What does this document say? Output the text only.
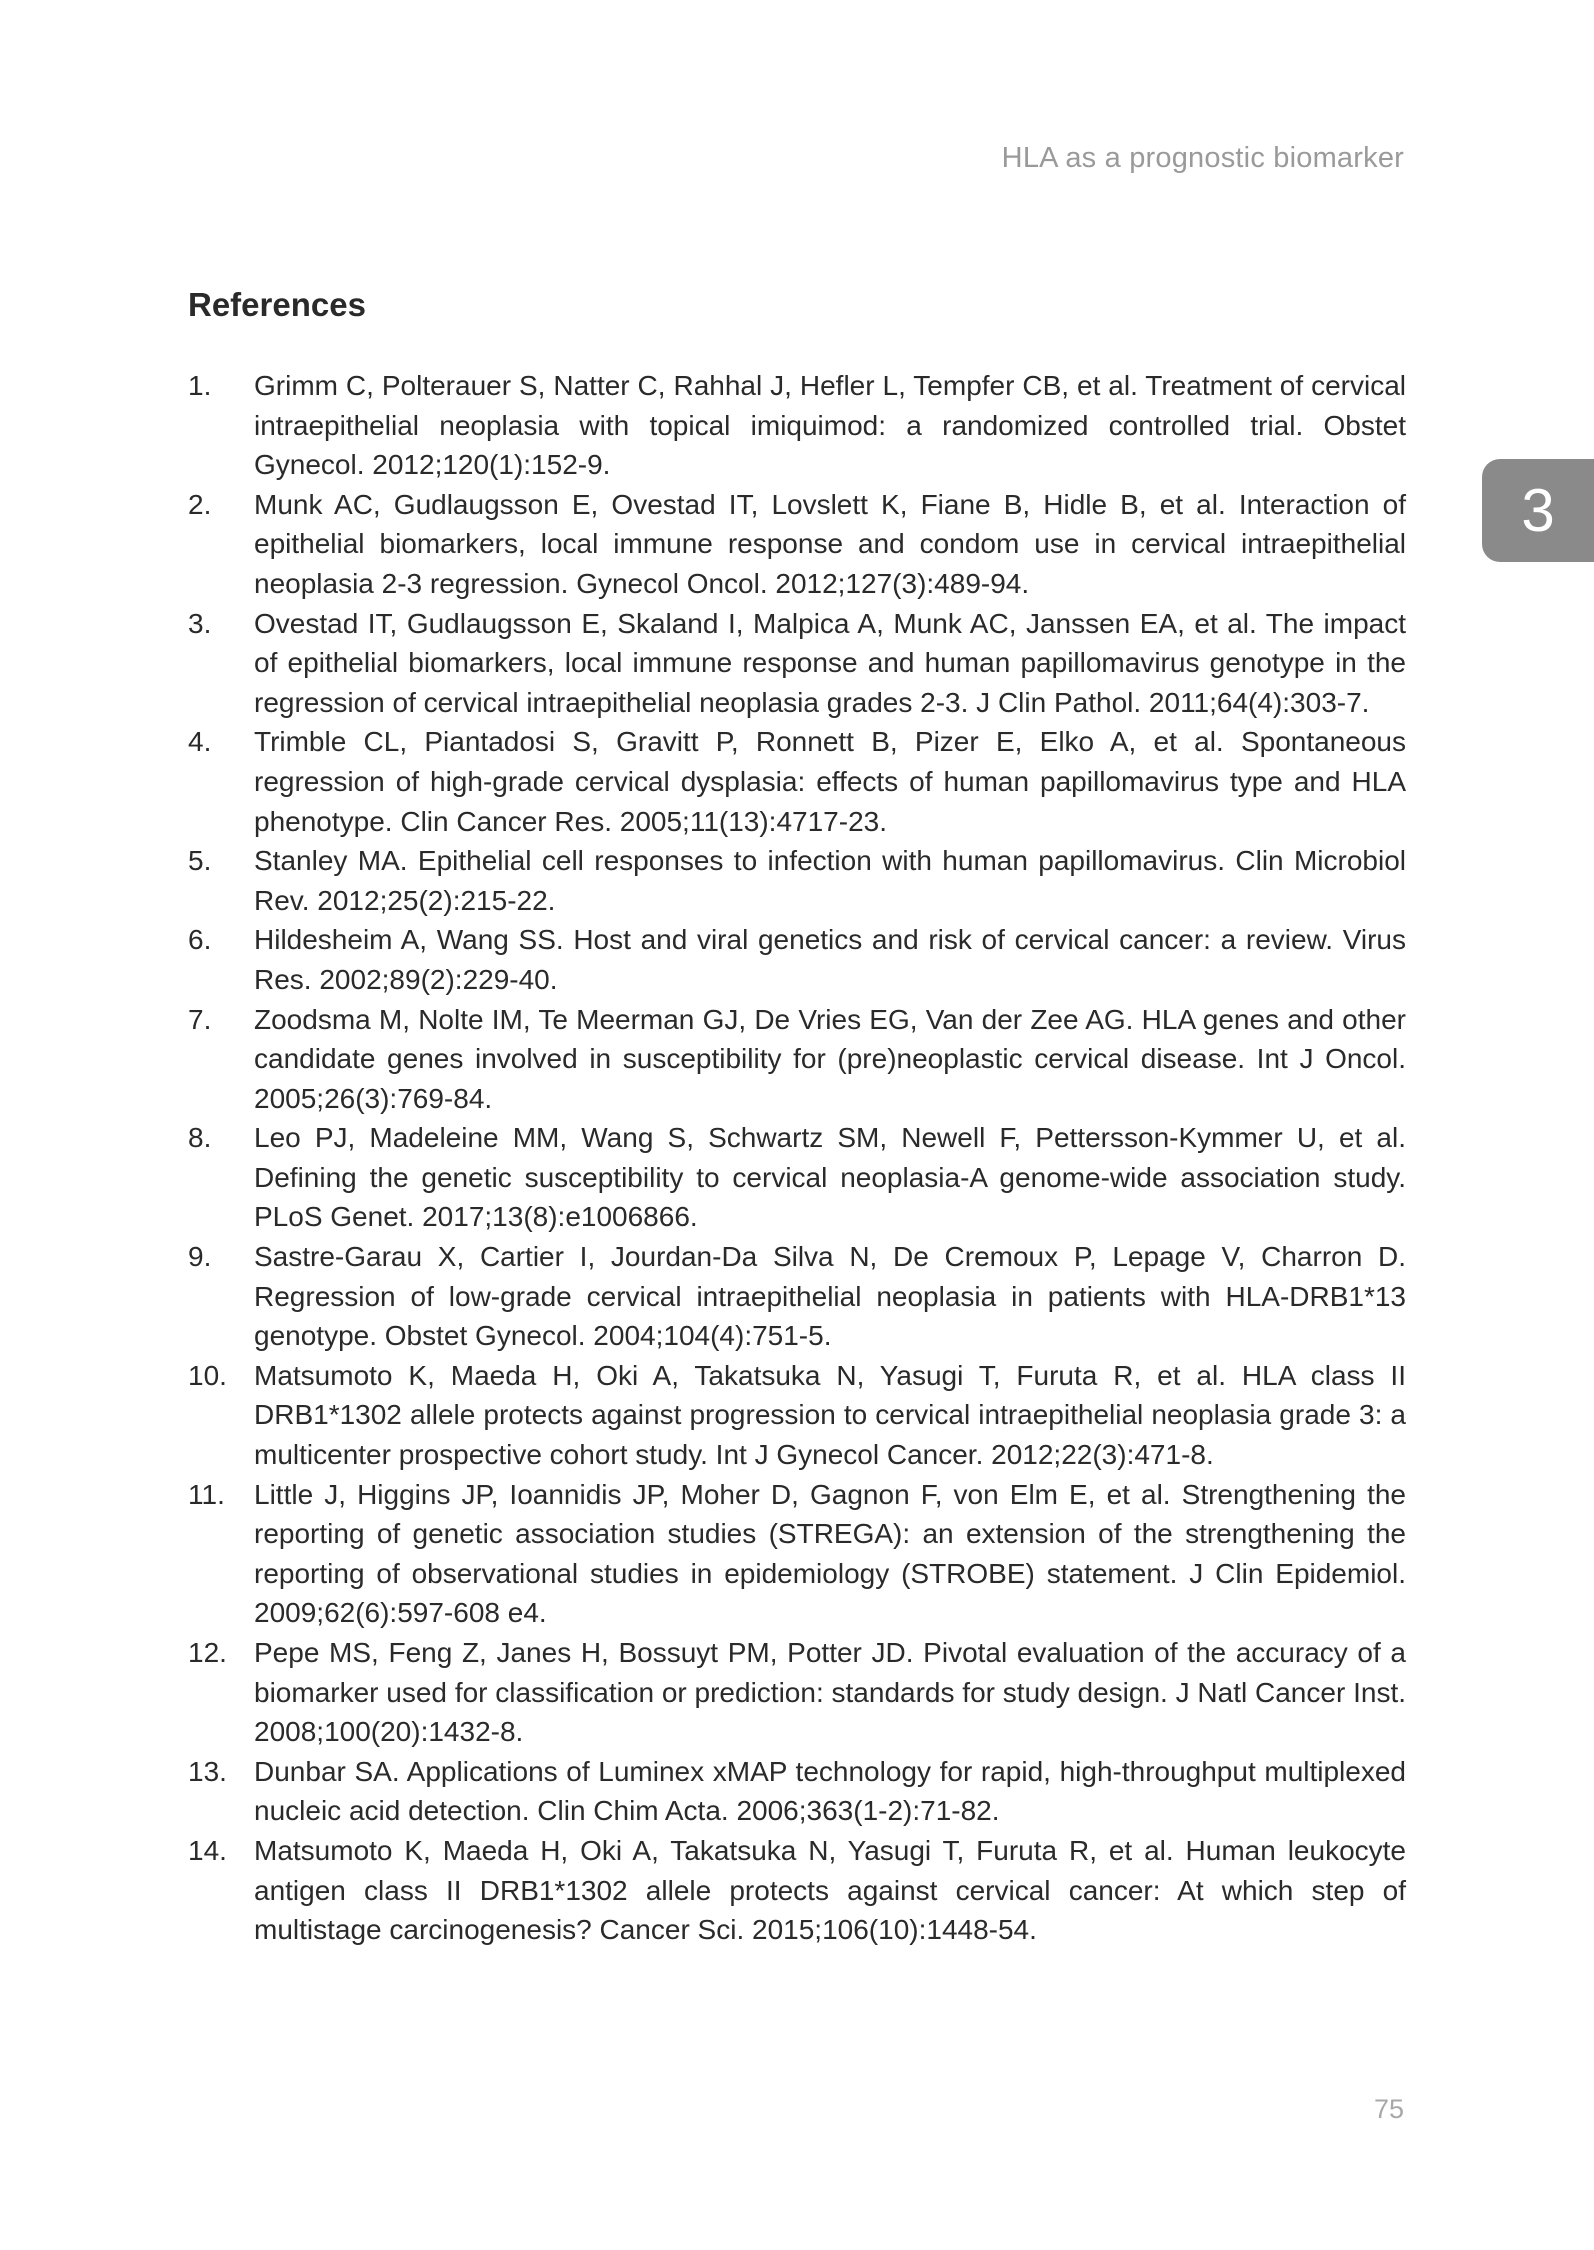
HLA as a prognostic biomarker
3
References
1.	Grimm C, Polterauer S, Natter C, Rahhal J, Hefler L, Tempfer CB, et al. Treatment of cervical intraepithelial neoplasia with topical imiquimod: a randomized controlled trial. Obstet Gynecol. 2012;120(1):152-9.
2.	Munk AC, Gudlaugsson E, Ovestad IT, Lovslett K, Fiane B, Hidle B, et al. Interaction of epithelial biomarkers, local immune response and condom use in cervical intraepithelial neoplasia 2-3 regression. Gynecol Oncol. 2012;127(3):489-94.
3.	Ovestad IT, Gudlaugsson E, Skaland I, Malpica A, Munk AC, Janssen EA, et al. The impact of epithelial biomarkers, local immune response and human papillomavirus genotype in the regression of cervical intraepithelial neoplasia grades 2-3. J Clin Pathol. 2011;64(4):303-7.
4.	Trimble CL, Piantadosi S, Gravitt P, Ronnett B, Pizer E, Elko A, et al. Spontaneous regression of high-grade cervical dysplasia: effects of human papillomavirus type and HLA phenotype. Clin Cancer Res. 2005;11(13):4717-23.
5.	Stanley MA. Epithelial cell responses to infection with human papillomavirus. Clin Microbiol Rev. 2012;25(2):215-22.
6.	Hildesheim A, Wang SS. Host and viral genetics and risk of cervical cancer: a review. Virus Res. 2002;89(2):229-40.
7.	Zoodsma M, Nolte IM, Te Meerman GJ, De Vries EG, Van der Zee AG. HLA genes and other candidate genes involved in susceptibility for (pre)neoplastic cervical disease. Int J Oncol. 2005;26(3):769-84.
8.	Leo PJ, Madeleine MM, Wang S, Schwartz SM, Newell F, Pettersson-Kymmer U, et al. Defining the genetic susceptibility to cervical neoplasia-A genome-wide association study. PLoS Genet. 2017;13(8):e1006866.
9.	Sastre-Garau X, Cartier I, Jourdan-Da Silva N, De Cremoux P, Lepage V, Charron D. Regression of low-grade cervical intraepithelial neoplasia in patients with HLA-DRB1*13 genotype. Obstet Gynecol. 2004;104(4):751-5.
10. Matsumoto K, Maeda H, Oki A, Takatsuka N, Yasugi T, Furuta R, et al. HLA class II DRB1*1302 allele protects against progression to cervical intraepithelial neoplasia grade 3: a multicenter prospective cohort study. Int J Gynecol Cancer. 2012;22(3):471-8.
11.	Little J, Higgins JP, Ioannidis JP, Moher D, Gagnon F, von Elm E, et al. Strengthening the reporting of genetic association studies (STREGA): an extension of the strengthening the reporting of observational studies in epidemiology (STROBE) statement. J Clin Epidemiol. 2009;62(6):597-608 e4.
12. Pepe MS, Feng Z, Janes H, Bossuyt PM, Potter JD. Pivotal evaluation of the accuracy of a biomarker used for classification or prediction: standards for study design. J Natl Cancer Inst. 2008;100(20):1432-8.
13. Dunbar SA. Applications of Luminex xMAP technology for rapid, high-throughput multiplexed nucleic acid detection. Clin Chim Acta. 2006;363(1-2):71-82.
14. Matsumoto K, Maeda H, Oki A, Takatsuka N, Yasugi T, Furuta R, et al. Human leukocyte antigen class II DRB1*1302 allele protects against cervical cancer: At which step of multistage carcinogenesis? Cancer Sci. 2015;106(10):1448-54.
75
